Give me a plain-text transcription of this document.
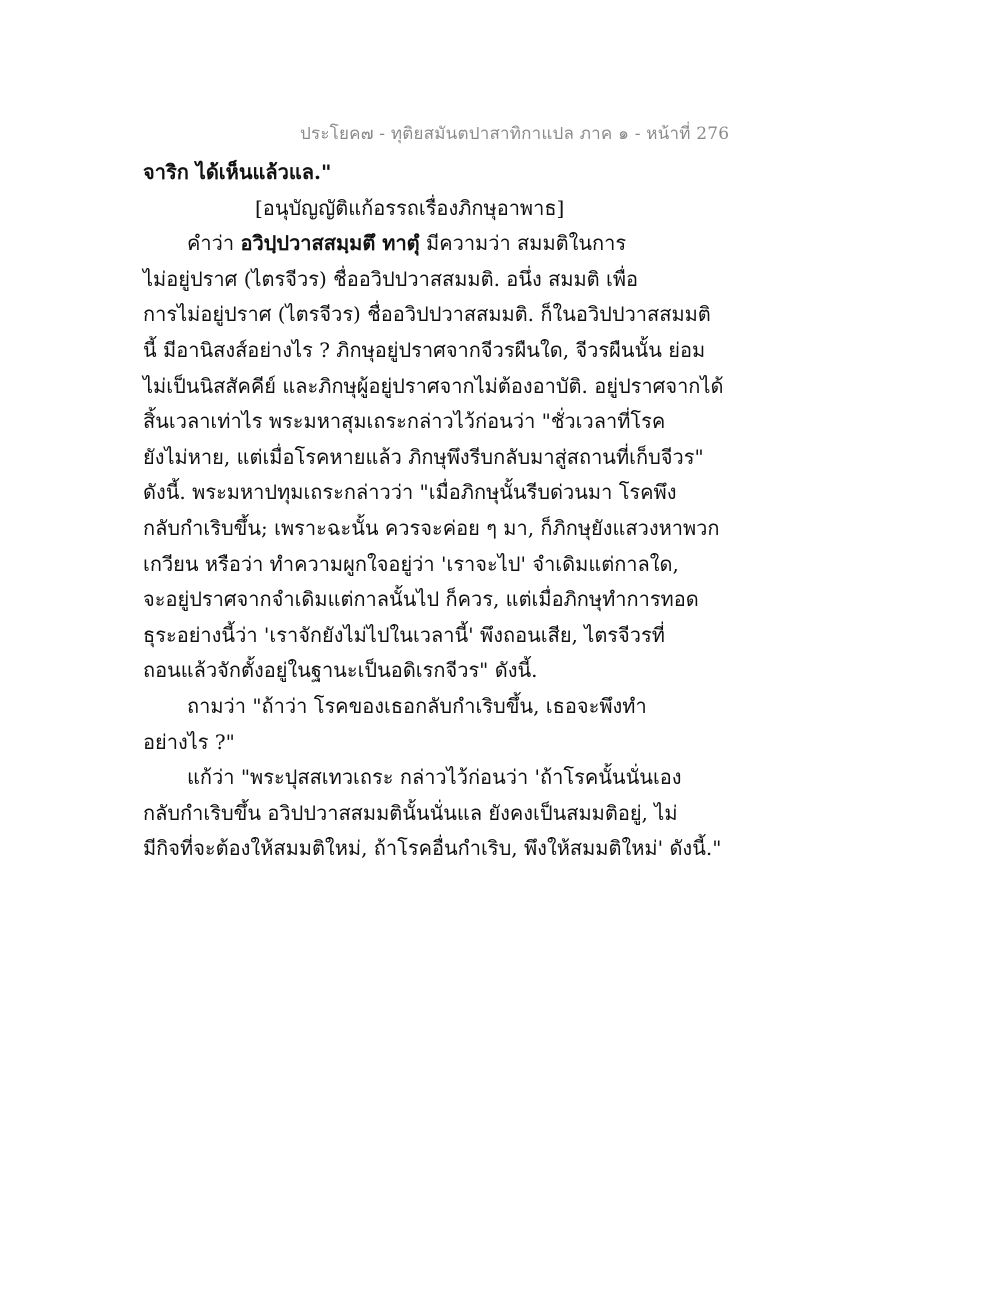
ประโยค๗ - ทุติยสมันตปาสาทิกาแปล ภาค ๑ - หน้าที่ 276
จาริก ได้เห็นแล้วแล."
[อนุบัญญัติแก้อรรถเรื่องภิกษุอาพาธ]
คำว่า อวิปฺปวาสสมฺมตึ ทาตุํ มีความว่า สมมติในการ
ไม่อยู่ปราศ (ไตรจีวร) ชื่ออวิปปวาสสมมติ. อนึ่ง สมมติ เพื่อ
การไม่อยู่ปราศ (ไตรจีวร) ชื่ออวิปปวาสสมมติ. ก็ในอวิปปวาสสมมติ
นี้ มีอานิสงส์อย่างไร ? ภิกษุอยู่ปราศจากจีวรผืนใด, จีวรผืนนั้น ย่อม
ไม่เป็นนิสสัคคีย์ และภิกษุผู้อยู่ปราศจากไม่ต้องอาบัติ. อยู่ปราศจากได้
สิ้นเวลาเท่าไร พระมหาสุมเถระกล่าวไว้ก่อนว่า "ชั่วเวลาที่โรค
ยังไม่หาย, แต่เมื่อโรคหายแล้ว ภิกษุพึงรีบกลับมาสู่สถานที่เก็บจีวร"
ดังนี้. พระมหาปทุมเถระกล่าวว่า "เมื่อภิกษุนั้นรีบด่วนมา โรคพึง
กลับกำเริบขึ้น; เพราะฉะนั้น ควรจะค่อย ๆ มา, ก็ภิกษุยังแสวงหาพวก
เกวียน หรือว่า ทำความผูกใจอยู่ว่า 'เราจะไป' จำเดิมแต่กาลใด,
จะอยู่ปราศจากจำเดิมแต่กาลนั้นไป ก็ควร, แต่เมื่อภิกษุทำการทอด
ธุระอย่างนี้ว่า 'เราจักยังไม่ไปในเวลานี้' พึงถอนเสีย, ไตรจีวรที่
ถอนแล้วจักตั้งอยู่ในฐานะเป็นอดิเรกจีวร" ดังนี้.
ถามว่า "ถ้าว่า โรคของเธอกลับกำเริบขึ้น, เธอจะพึงทำ
อย่างไร ?"
แก้ว่า "พระปุสสเทวเถระ กล่าวไว้ก่อนว่า 'ถ้าโรคนั้นนั่นเอง
กลับกำเริบขึ้น อวิปปวาสสมมตินั้นนั่นแล ยังคงเป็นสมมติอยู่, ไม่
มีกิจที่จะต้องให้สมมติใหม่, ถ้าโรคอื่นกำเริบ, พึงให้สมมติใหม่' ดังนี้."
